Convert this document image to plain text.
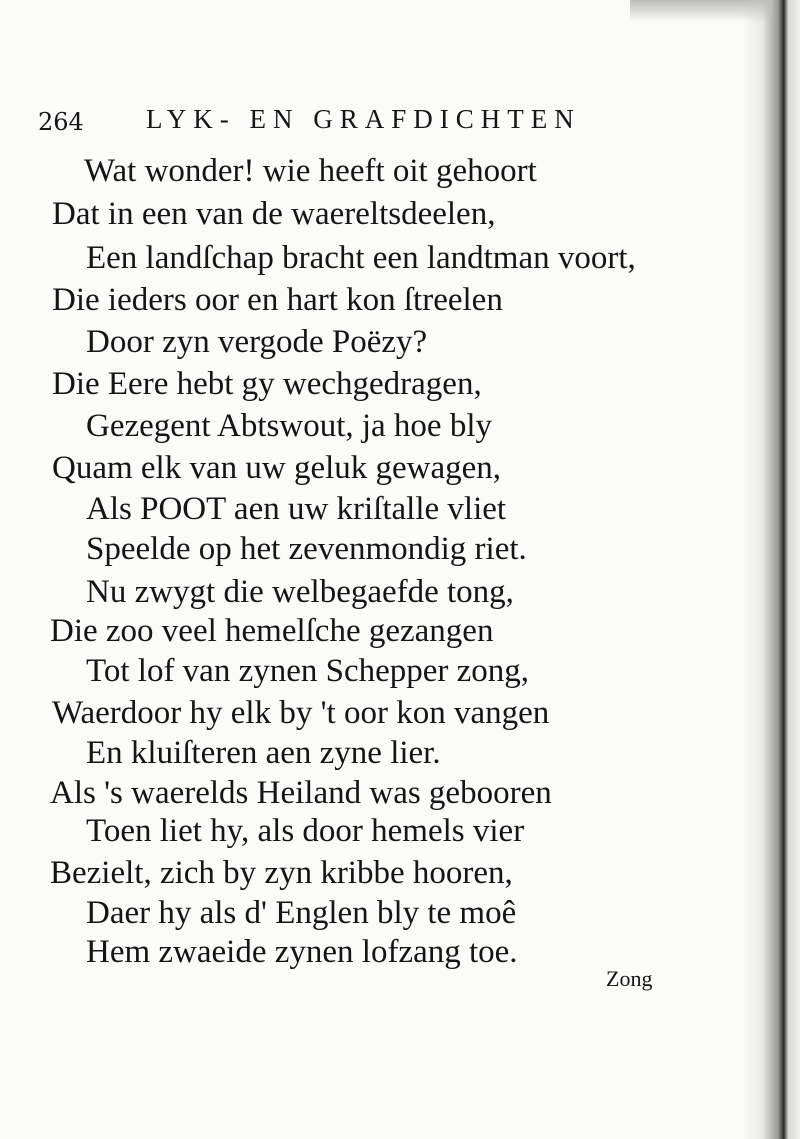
264 LYK- EN GRAFDICHTEN
Wat wonder! wie heeft oit gehoort
Dat in een van de waereltsdeelen,
Een landſchap bracht een landtman voort,
Die ieders oor en hart kon ſtreelen
Door zyn vergode Poëzy?
Die Eere hebt gy wechgedragen,
Gezegent Abtswout, ja hoe bly
Quam elk van uw geluk gewagen,
Als POOT aen uw kriſtalle vliet
Speelde op het zevenmondig riet.
Nu zwygt die welbegaefde tong,
Die zoo veel hemelſche gezangen
Tot lof van zynen Schepper zong,
Waerdoor hy elk by 't oor kon vangen
En kluiſteren aen zyne lier.
Als 's waerelds Heiland was gebooren
Toen liet hy, als door hemels vier
Bezielt, zich by zyn kribbe hooren,
Daer hy als d' Englen bly te moê
Hem zwaeide zynen lofzang toe.
Zong
